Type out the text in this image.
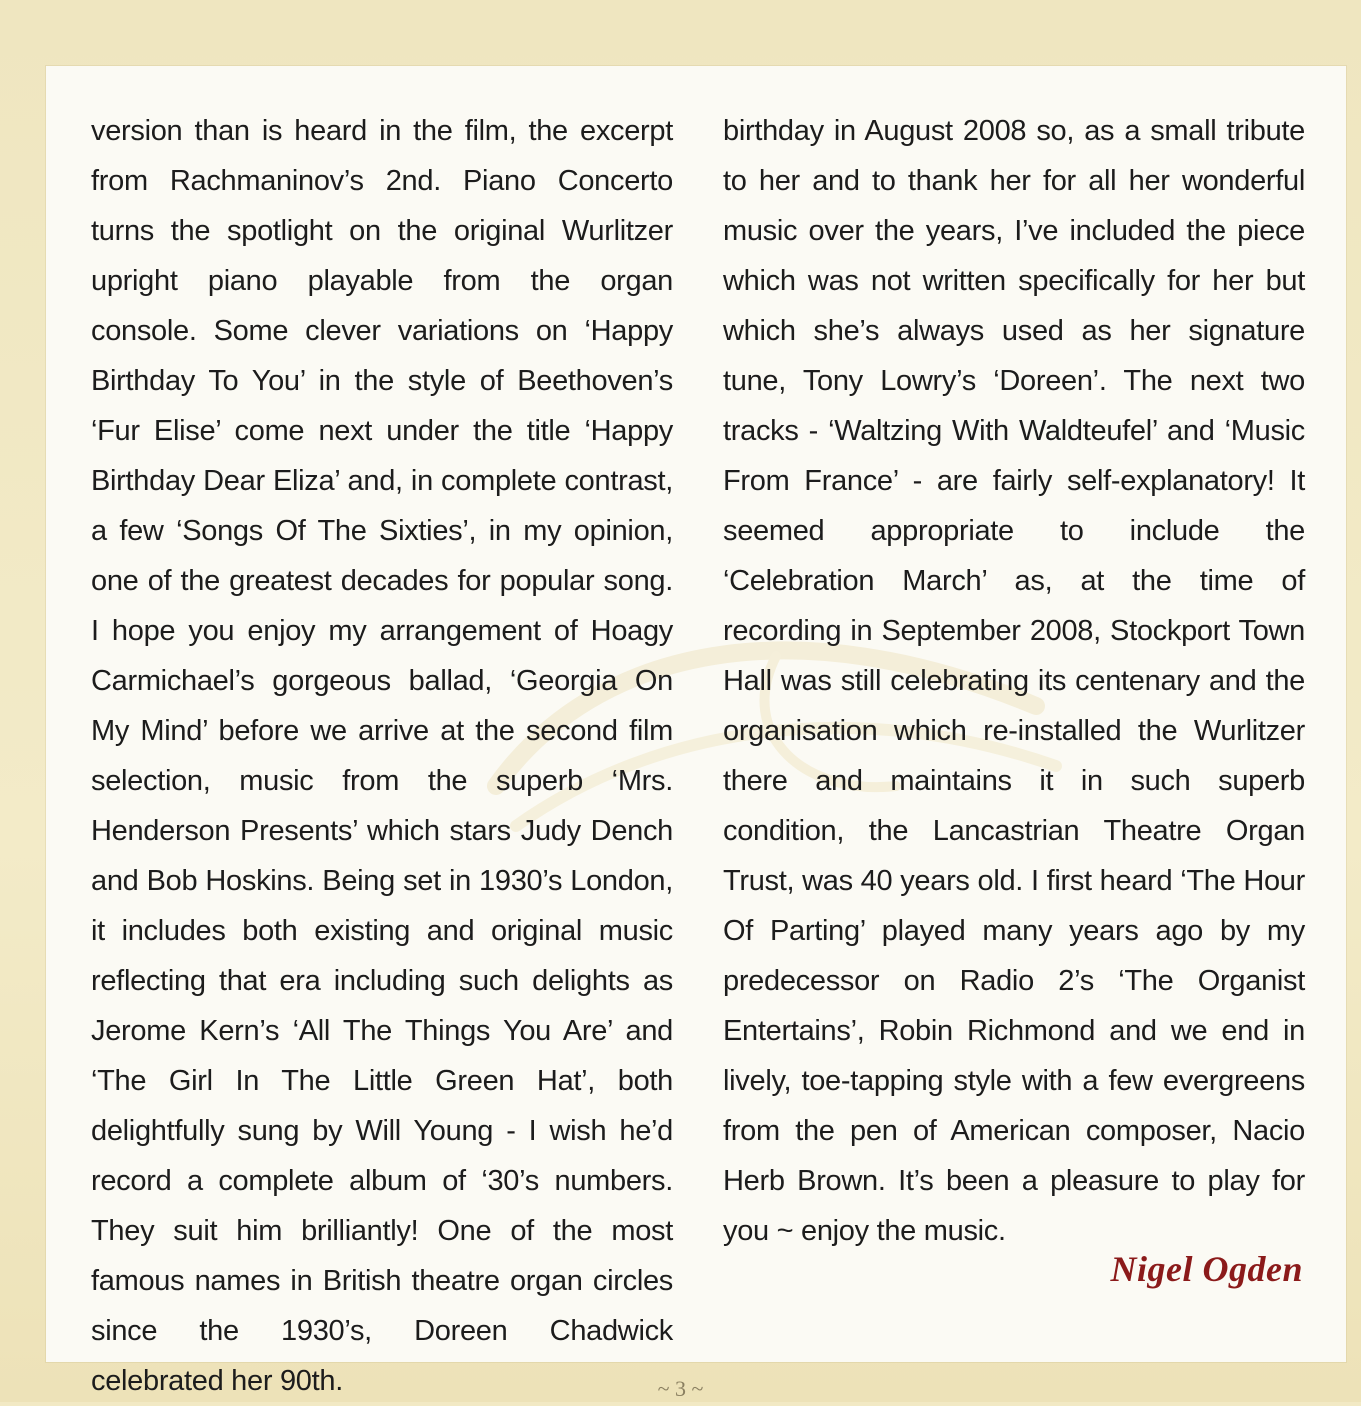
version than is heard in the film, the excerpt from Rachmaninov’s 2nd. Piano Concerto turns the spotlight on the original Wurlitzer upright piano playable from the organ console. Some clever variations on ‘Happy Birthday To You’ in the style of Beethoven’s ‘Fur Elise’ come next under the title ‘Happy Birthday Dear Eliza’ and, in complete contrast, a few ‘Songs Of The Sixties’, in my opinion, one of the greatest decades for popular song. I hope you enjoy my arrangement of Hoagy Carmichael’s gorgeous ballad, ‘Georgia On My Mind’ before we arrive at the second film selection, music from the superb ‘Mrs. Henderson Presents’ which stars Judy Dench and Bob Hoskins. Being set in 1930’s London, it includes both existing and original music reflecting that era including such delights as Jerome Kern’s ‘All The Things You Are’ and ‘The Girl In The Little Green Hat’, both delightfully sung by Will Young - I wish he’d record a complete album of ‘30’s numbers. They suit him brilliantly! One of the most famous names in British theatre organ circles since the 1930’s, Doreen Chadwick celebrated her 90th.

birthday in August 2008 so, as a small tribute to her and to thank her for all her wonderful music over the years, I’ve included the piece which was not written specifically for her but which she’s always used as her signature tune, Tony Lowry’s ‘Doreen’. The next two tracks - ‘Waltzing With Waldteufel’ and ‘Music From France’ - are fairly self-explanatory! It seemed appropriate to include the ‘Celebration March’ as, at the time of recording in September 2008, Stockport Town Hall was still celebrating its centenary and the organisation which re-installed the Wurlitzer there and maintains it in such superb condition, the Lancastrian Theatre Organ Trust, was 40 years old. I first heard ‘The Hour Of Parting’ played many years ago by my predecessor on Radio 2’s ‘The Organist Entertains’, Robin Richmond and we end in lively, toe-tapping style with a few evergreens from the pen of American composer, Nacio Herb Brown. It’s been a pleasure to play for you ~ enjoy the music.

Nigel Ogden
~ 3 ~
